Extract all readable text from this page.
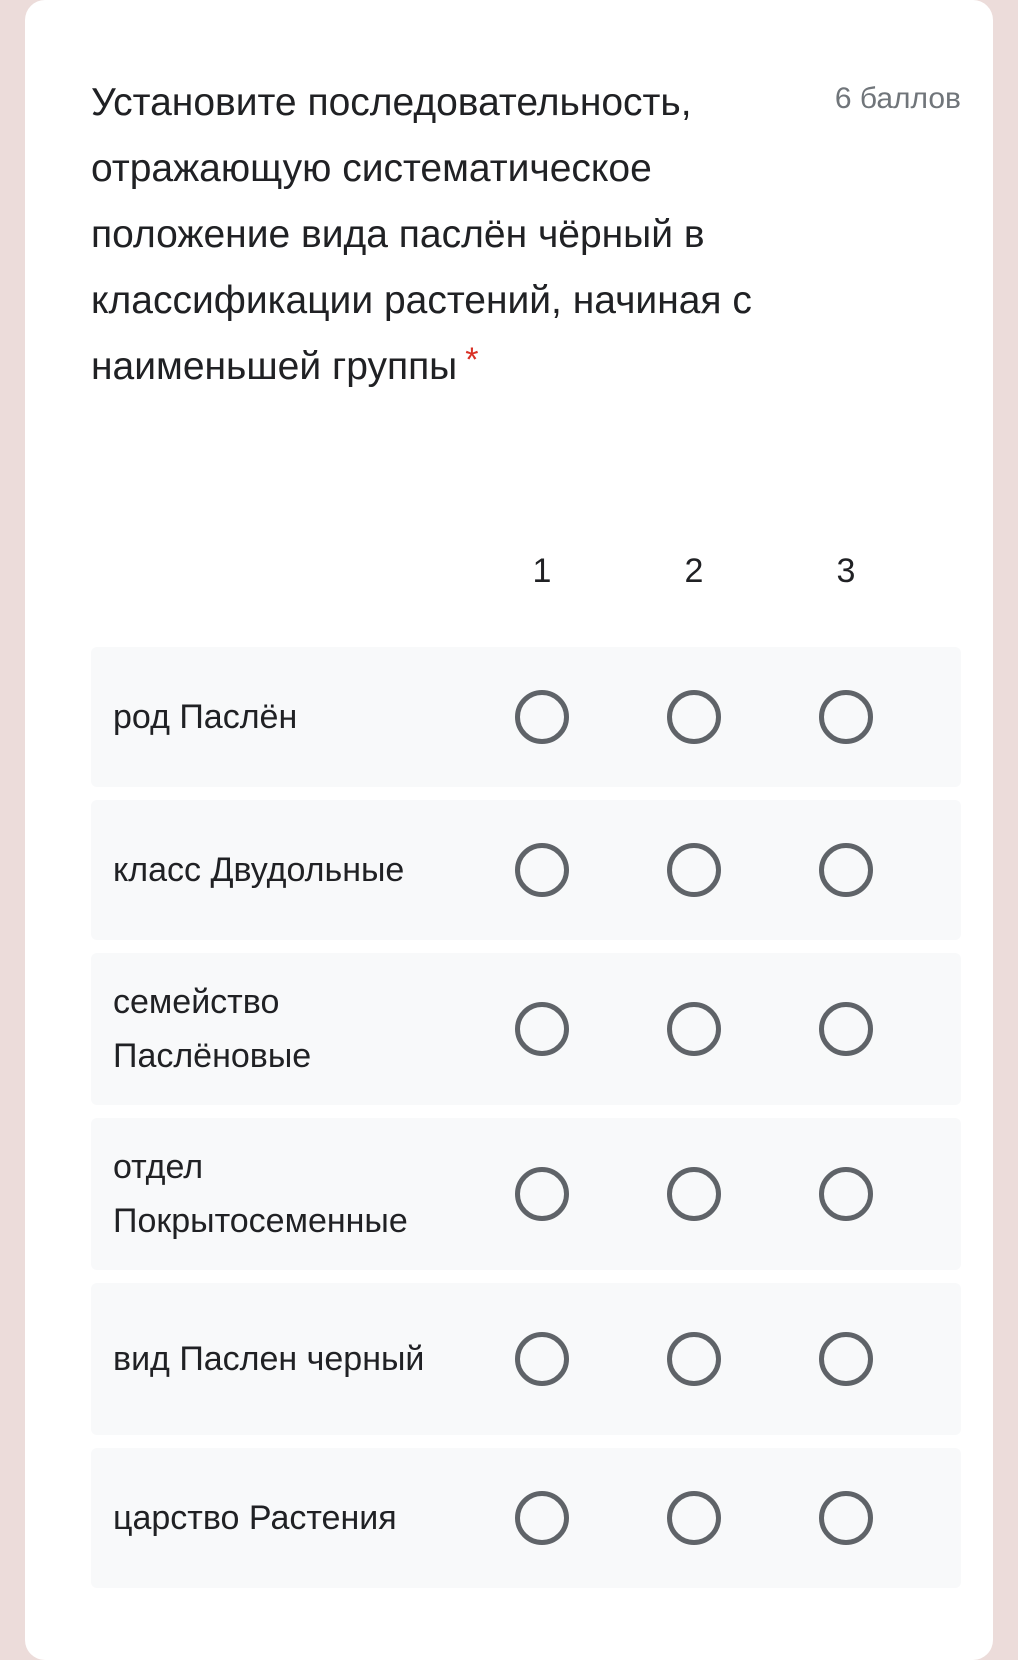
Установите последовательность, отражающую систематическое положение вида паслён чёрный в классификации растений, начиная с наименьшей группы *

6 баллов
1	2	3
род Паслён
класс Двудольные
семейство Паслёновые
отдел Покрытосеменные
вид Паслен черный
царство Растения
